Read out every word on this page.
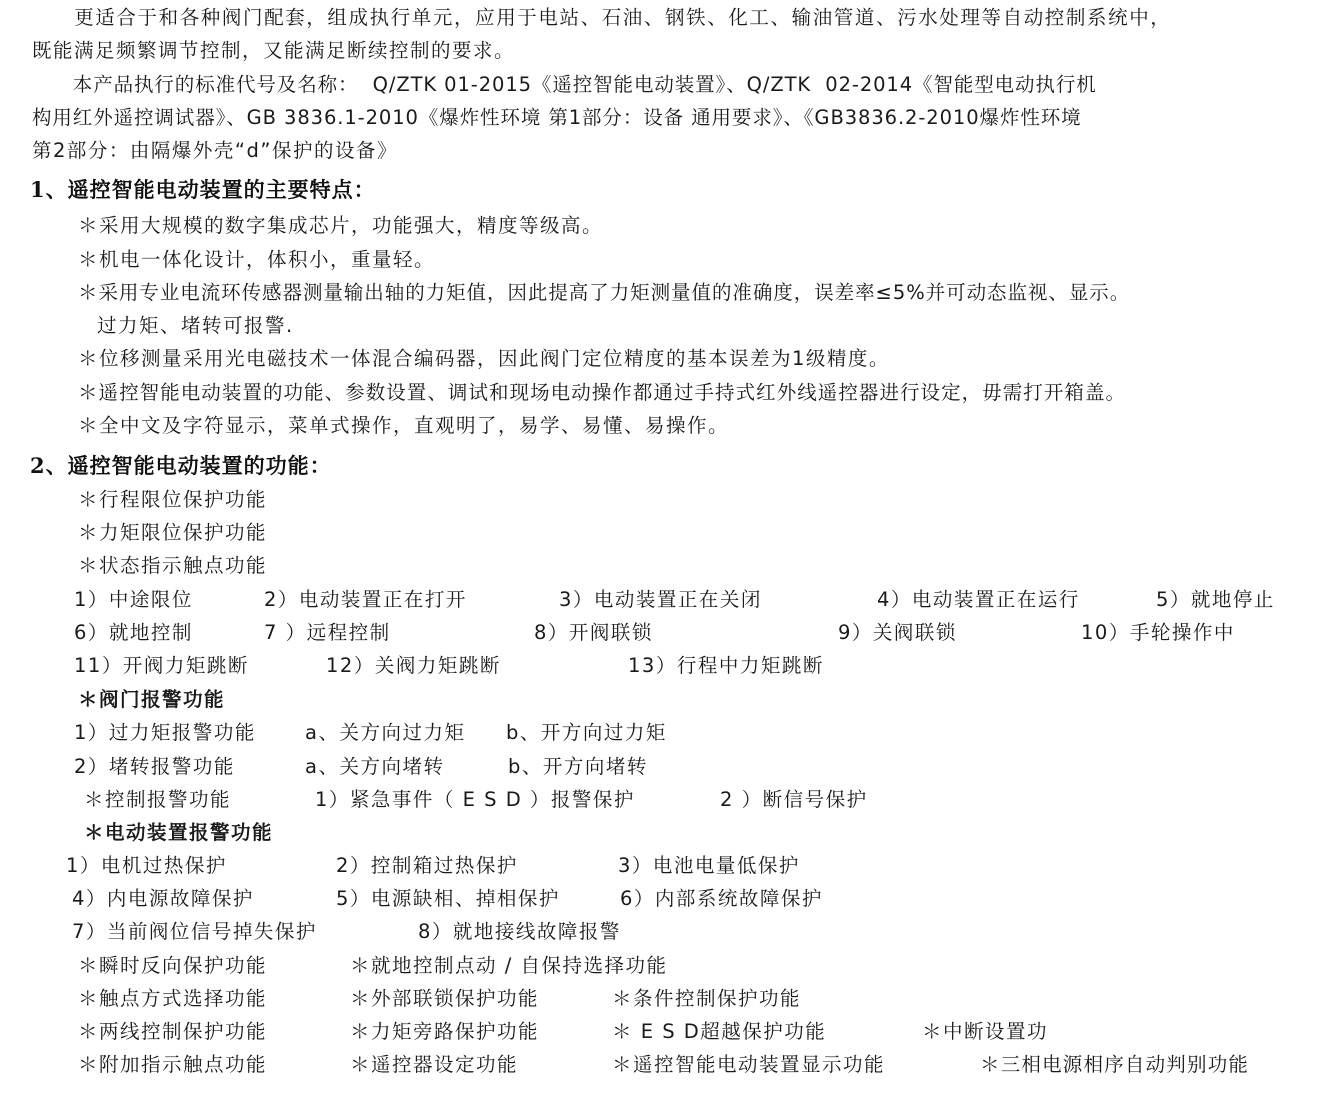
　　更适合于和各种阀门配套，组成执行单元，应用于电站、石油、钢铁、化工、输油管道、污水处理等自动控制系统中，
既能满足频繁调节控制，又能满足断续控制的要求。
　　本产品执行的标准代号及名称：  Q/ZTK 01-2015《遥控智能电动装置》、Q/ZTK  02-2014《智能型电动执行机
构用红外遥控调试器》、GB 3836.1-2010《爆炸性环境 第1部分：设备 通用要求》、《GB3836.2-2010爆炸性环境
第2部分：由隔爆外壳“d”保护的设备》
1、遥控智能电动装置的主要特点：
＊采用大规模的数字集成芯片，功能强大，精度等级高。
＊机电一体化设计，体积小，重量轻。
＊采用专业电流环传感器测量输出轴的力矩值，因此提高了力矩测量值的准确度，误差率≤5%并可动态监视、显示。
过力矩、堵转可报警.
＊位移测量采用光电磁技术一体混合编码器，因此阀门定位精度的基本误差为1级精度。
＊遥控智能电动装置的功能、参数设置、调试和现场电动操作都通过手持式红外线遥控器进行设定，毋需打开箱盖。
＊全中文及字符显示，菜单式操作，直观明了，易学、易懂、易操作。
2、遥控智能电动装置的功能：
＊行程限位保护功能
＊力矩限位保护功能
＊状态指示触点功能
1）中途限位	2）电动装置正在打开	3）电动装置正在关闭	4）电动装置正在运行	5）就地停止
6）就地控制	7 ）远程控制	8）开阀联锁	9）关阀联锁	10）手轮操作中
11）开阀力矩跳断	12）关阀力矩跳断	13）行程中力矩跳断
＊阀门报警功能
1）过力矩报警功能	a、关方向过力矩 b、开方向过力矩
2）堵转报警功能	a、关方向堵转	b、开方向堵转
＊控制报警功能	1）紧急事件（ E S D ）报警保护	2 ）断信号保护
＊电动装置报警功能
1）电机过热保护	2）控制箱过热保护	3）电池电量低保护
4）内电源故障保护	5）电源缺相、掉相保护	6）内部系统故障保护
7）当前阀位信号掉失保护	8）就地接线故障报警
＊瞬时反向保护功能	＊就地控制点动 / 自保持选择功能
＊触点方式选择功能	＊外部联锁保护功能	＊条件控制保护功能
＊两线控制保护功能	＊力矩旁路保护功能	＊ E S D超越保护功能	＊中断设置功
＊附加指示触点功能	＊遥控器设定功能	＊遥控智能电动装置显示功能	＊三相电源相序自动判别功能
